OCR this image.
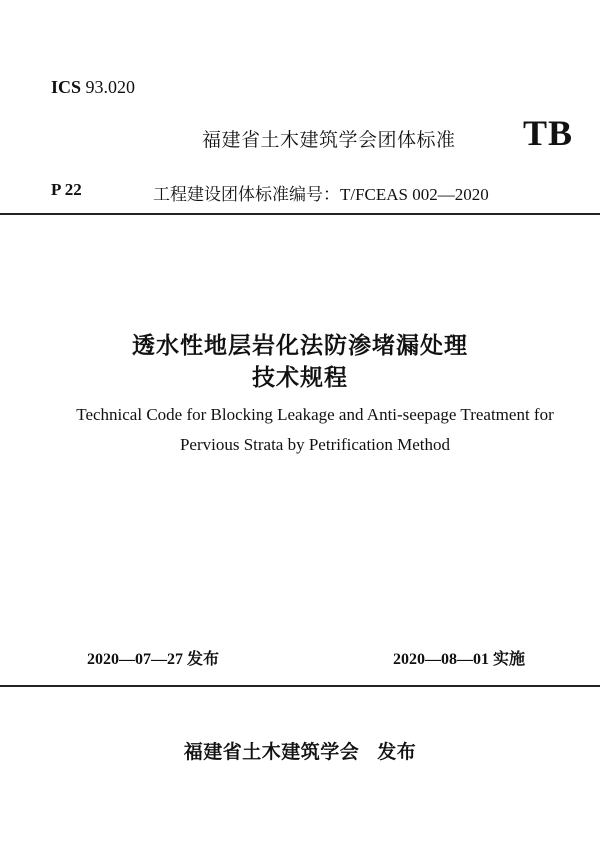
ICS 93.020
福建省土木建筑学会团体标准 TB
P 22	工程建设团体标准编号：T/FCEAS 002—2020
透水性地层岩化法防渗堵漏处理
技术规程
Technical Code for Blocking Leakage and Anti-seepage Treatment for
Pervious Strata by Petrification Method
2020—07—27 发布	2020—08—01 实施
福建省土木建筑学会 发布
